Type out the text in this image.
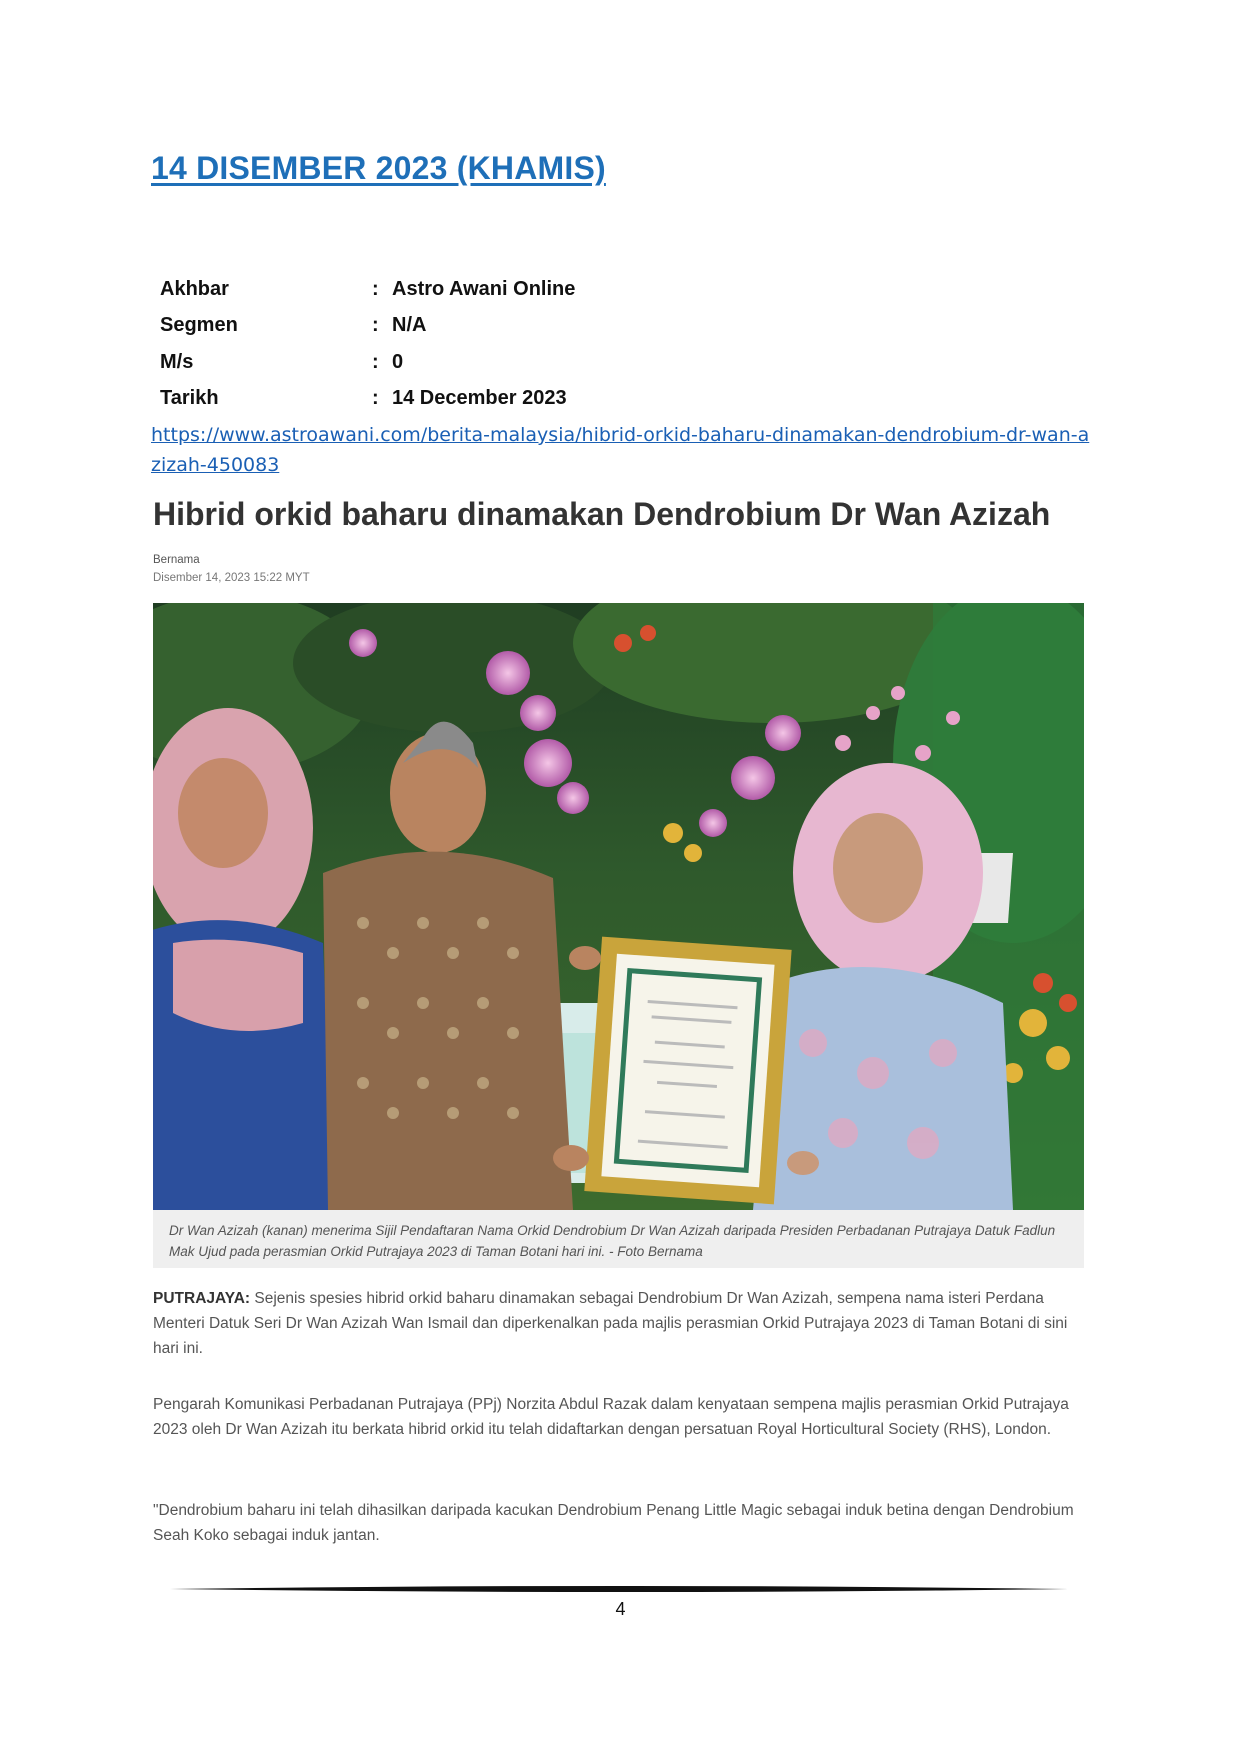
14 DISEMBER 2023 (KHAMIS)
Akhbar	:	Astro Awani Online
Segmen	:	N/A
M/s	:	0
Tarikh	:	14 December 2023
https://www.astroawani.com/berita-malaysia/hibrid-orkid-baharu-dinamakan-dendrobium-dr-wan-azizah-450083
Hibrid orkid baharu dinamakan Dendrobium Dr Wan Azizah
Bernama
Disember 14, 2023 15:22 MYT

Dr Wan Azizah (kanan) menerima Sijil Pendaftaran Nama Orkid Dendrobium Dr Wan Azizah daripada Presiden Perbadanan Putrajaya Datuk Fadlun Mak Ujud pada perasmian Orkid Putrajaya 2023 di Taman Botani hari ini. - Foto Bernama

PUTRAJAYA: Sejenis spesies hibrid orkid baharu dinamakan sebagai Dendrobium Dr Wan Azizah, sempena nama isteri Perdana Menteri Datuk Seri Dr Wan Azizah Wan Ismail dan diperkenalkan pada majlis perasmian Orkid Putrajaya 2023 di Taman Botani di sini hari ini.

Pengarah Komunikasi Perbadanan Putrajaya (PPj) Norzita Abdul Razak dalam kenyataan sempena majlis perasmian Orkid Putrajaya 2023 oleh Dr Wan Azizah itu berkata hibrid orkid itu telah didaftarkan dengan persatuan Royal Horticultural Society (RHS), London.

"Dendrobium baharu ini telah dihasilkan daripada kacukan Dendrobium Penang Little Magic sebagai induk betina dengan Dendrobium Seah Koko sebagai induk jantan.

4
